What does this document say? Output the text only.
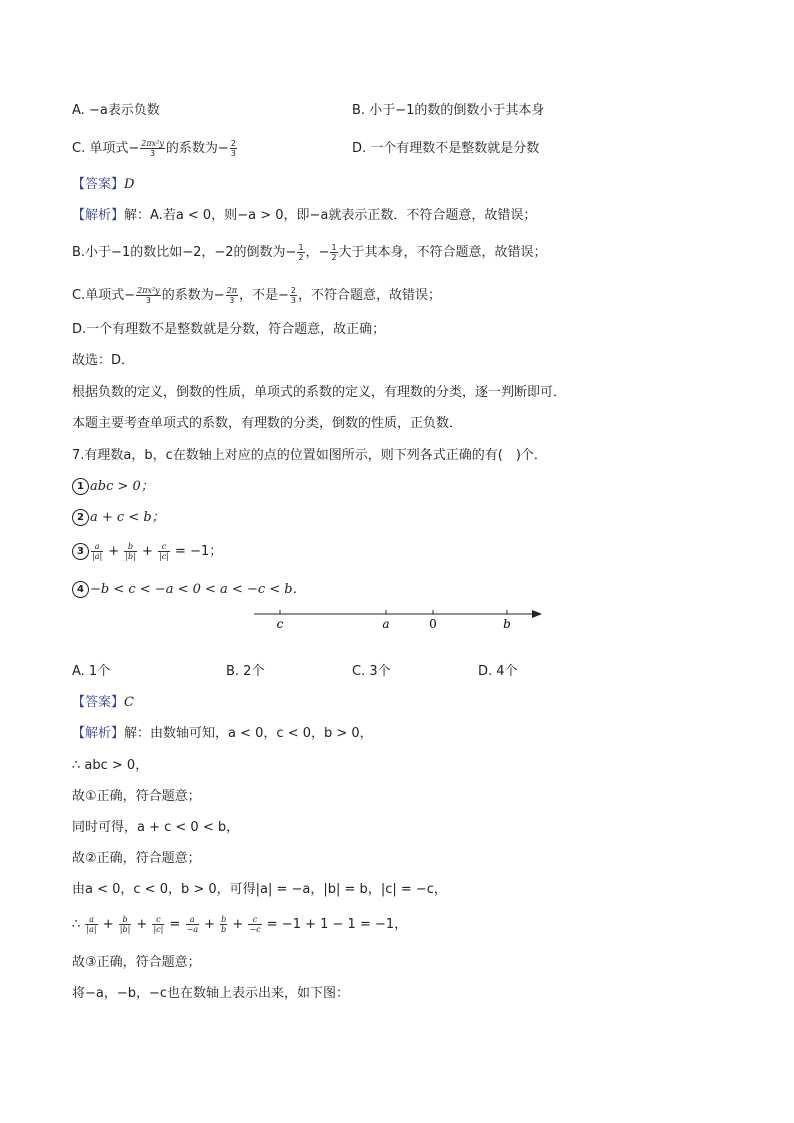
A. −a表示负数	B. 小于−1的数的倒数小于其本身
C. 单项式− $\frac{\text{2πx²y}}{3}$ 的系数为− $\frac{2}{3}$	D. 一个有理数不是整数就是分数
【答案】D
【解析】解：A.若a < 0，则−a > 0，即−a就表示正数．不符合题意，故错误；
B.小于−1的数比如−2，−2的倒数为− $\frac{1}{2}$ ，− $\frac{1}{2}$ 大于其本身，不符合题意，故错误；
C.单项式− $\frac{\text{2πx²y}}{3}$ 的系数为− $\frac{2\pi}{3}$ ，不是− $\frac{2}{3}$ ，不符合题意，故错误；
D.一个有理数不是整数就是分数，符合题意，故正确；
故选：D．
根据负数的定义，倒数的性质，单项式的系数的定义，有理数的分类，逐一判断即可．
本题主要考查单项式的系数，有理数的分类，倒数的性质，正负数．
7.有理数a，b，c在数轴上对应的点的位置如图所示，则下列各式正确的有(　)个．
1 abc > 0；
2 a + c < b；
$3 \frac{a}{|a|} + \frac{b}{|b|} + \frac{c}{|c|} = -1$；
4 −b < c < −a < 0 < a < −c < b．
c	a	0	b
A. 1个	B. 2个	C. 3个	D. 4个
【答案】C
【解析】解：由数轴可知，a < 0，c < 0，b > 0，
∴ abc > 0，
故①正确，符合题意；
同时可得，a + c < 0 < b，
故②正确，符合题意；
由a < 0，c < 0，b > 0，可得|a| = −a，|b| = b，|c| = −c，
∴ $\frac{a}{|a|} + \frac{b}{|b|} + \frac{c}{|c|} = \frac{a}{-a} + \frac{b}{b} + \frac{c}{-c} = -1 + 1 - 1 = -1$，
故③正确，符合题意；
将−a，−b，−c也在数轴上表示出来，如下图：
